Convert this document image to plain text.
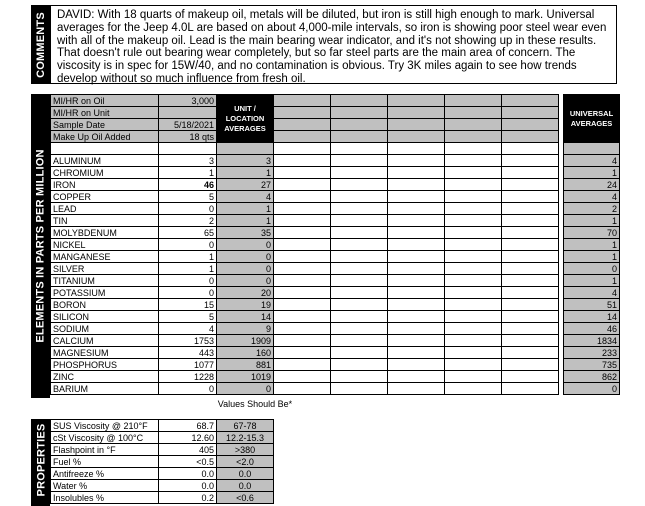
COMMENTS DAVID: With 18 quarts of makeup oil, metals will be diluted, but iron is still high enough to mark. Universal averages for the Jeep 4.0L are based on about 4,000-mile intervals, so iron is showing poor steel wear even with all of the makeup oil. Lead is the main bearing wear indicator, and it's not showing up in these results. That doesn't rule out bearing wear completely, but so far steel parts are the main area of concern. The viscosity is in spec for 15W/40, and no contamination is obvious. Try 3K miles again to see how trends develop without so much influence from fresh oil.
ELEMENTS IN PARTS PER MILLION
MI/HR on Oil	3,000	UNIT / LOCATION AVERAGES							UNIVERSAL AVERAGES
MI/HR on Unit									
Sample Date	5/18/2021								
Make Up Oil Added	18 qts								

ALUMINUM	3	3							4
CHROMIUM	1	1							1
IRON	46	27							24
COPPER	5	4							4
LEAD	0	1							2
TIN	2	1							1
MOLYBDENUM	65	35							70
NICKEL	0	0							1
MANGANESE	1	0							1
SILVER	1	0							0
TITANIUM	0	0							1
POTASSIUM	0	20							4
BORON	15	19							51
SILICON	5	14							14
SODIUM	4	9							46
CALCIUM	1753	1909							1834
MAGNESIUM	443	160							233
PHOSPHORUS	1077	881							735
ZINC	1228	1019							862
BARIUM	0	0							0
Values Should Be*
PROPERTIES SUS Viscosity @ 210°F	68.7	67-78
cSt Viscosity @ 100°C	12.60	12.2-15.3
Flashpoint in °F	405	>380
Fuel %	<0.5	<2.0
Antifreeze %	0.0	0.0
Water %	0.0	0.0
Insolubles %	0.2	<0.6
